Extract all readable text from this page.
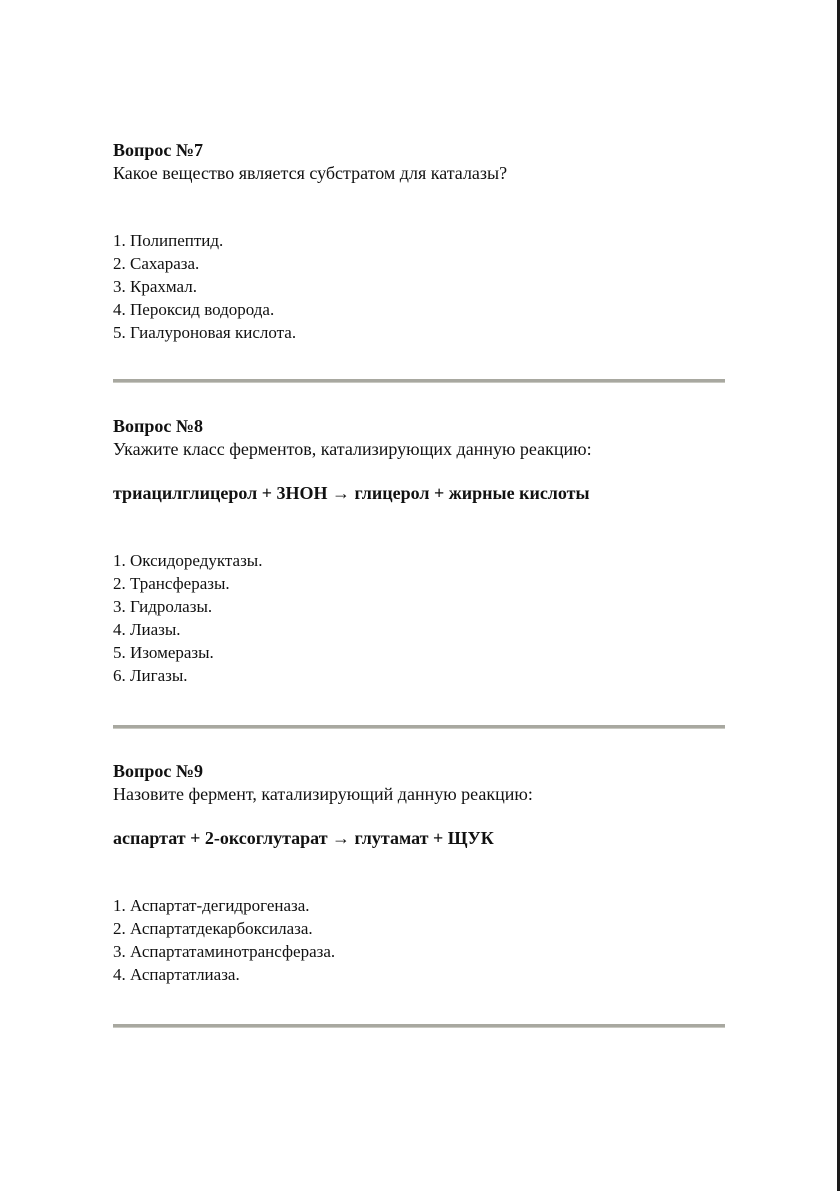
Вопрос №7

Какое вещество является субстратом для каталазы?

1. Полипептид.
2. Сахараза.
3. Крахмал.
4. Пероксид водорода.
5. Гиалуроновая кислота.

Вопрос №8

Укажите класс ферментов, катализирующих данную реакцию:

триацилглицерол + 3НОН → глицерол + жирные кислоты

1. Оксидоредуктазы.
2. Трансферазы.
3. Гидролазы.
4. Лиазы.
5. Изомеразы.
6. Лигазы.

Вопрос №9

Назовите фермент, катализирующий данную реакцию:

аспартат + 2-оксоглутарат → глутамат + ЩУК

1. Аспартат-дегидрогеназа.
2. Аспартатдекарбоксилаза.
3. Аспартатаминотрансфераза.
4. Аспартатлиаза.
